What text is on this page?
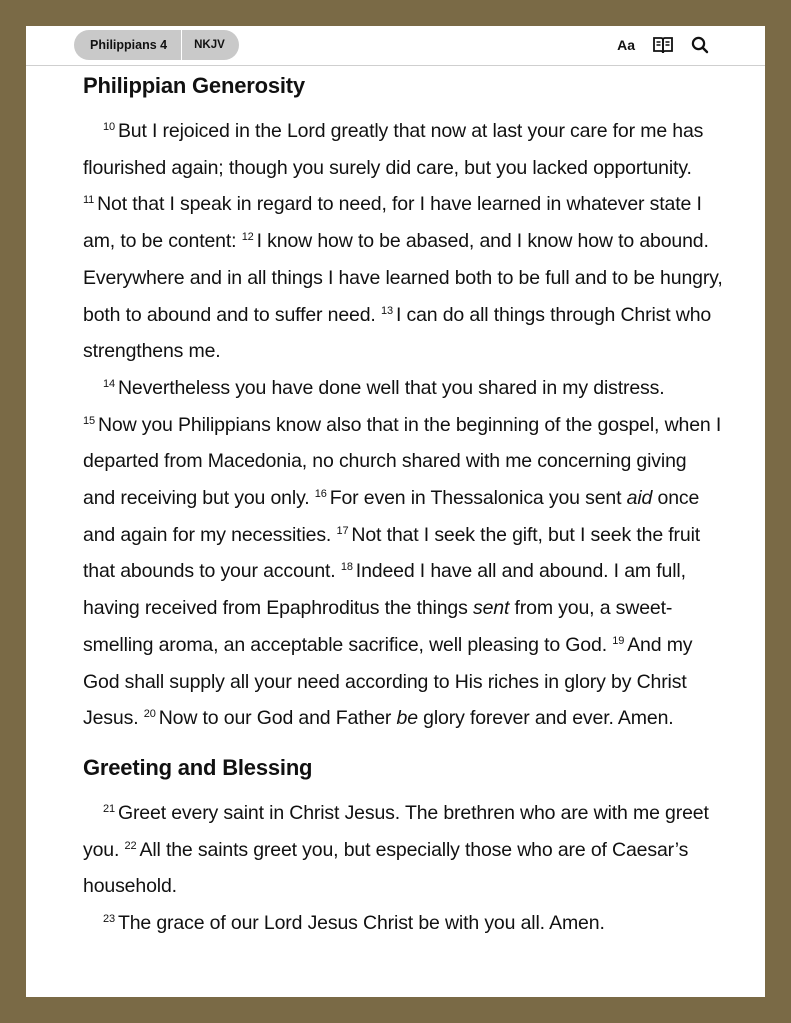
Philippians 4	NKJV	Aa
Philippian Generosity

$^{10}$ But I rejoiced in the Lord greatly that now at last your care for me has flourished again; though you surely did care, but you lacked opportunity. $^{11}$ Not that I speak in regard to need, for I have learned in whatever state I am, to be content: $^{12}$ I know how to be abased, and I know how to abound. Everywhere and in all things I have learned both to be full and to be hungry, both to abound and to suffer need. $^{13}$ I can do all things through Christ who strengthens me.

$^{14}$ Nevertheless you have done well that you shared in my distress. $^{15}$ Now you Philippians know also that in the beginning of the gospel, when I departed from Macedonia, no church shared with me concerning giving and receiving but you only. $^{16}$ For even in Thessalonica you sent aid once and again for my necessities. $^{17}$ Not that I seek the gift, but I seek the fruit that abounds to your account. $^{18}$ Indeed I have all and abound. I am full, having received from Epaphroditus the things sent from you, a sweet-smelling aroma, an acceptable sacrifice, well pleasing to God. $^{19}$ And my God shall supply all your need according to His riches in glory by Christ Jesus. $^{20}$ Now to our God and Father be glory forever and ever. Amen.

Greeting and Blessing

$^{21}$ Greet every saint in Christ Jesus. The brethren who are with me greet you. $^{22}$ All the saints greet you, but especially those who are of Caesar’s household.

$^{23}$ The grace of our Lord Jesus Christ be with you all. Amen.
